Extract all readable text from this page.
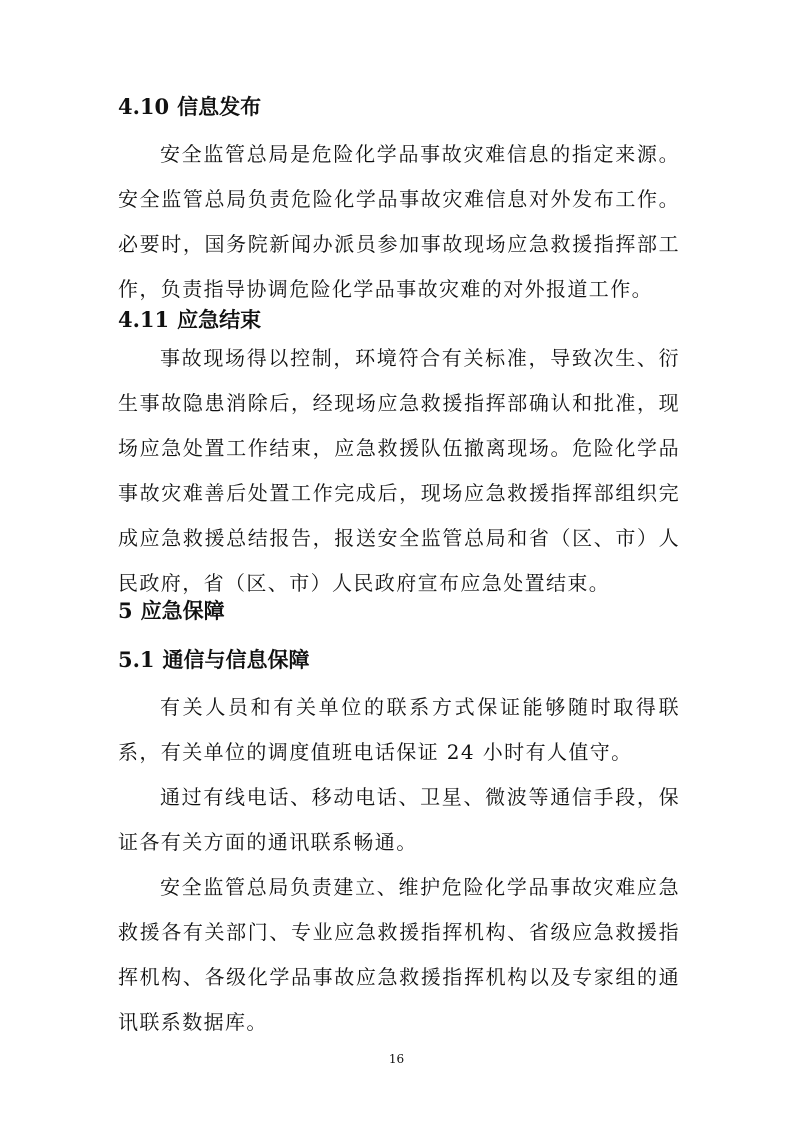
4.10 信息发布

安全监管总局是危险化学品事故灾难信息的指定来源。安全监管总局负责危险化学品事故灾难信息对外发布工作。必要时，国务院新闻办派员参加事故现场应急救援指挥部工作，负责指导协调危险化学品事故灾难的对外报道工作。

4.11 应急结束

事故现场得以控制，环境符合有关标准，导致次生、衍生事故隐患消除后，经现场应急救援指挥部确认和批准，现场应急处置工作结束，应急救援队伍撤离现场。危险化学品事故灾难善后处置工作完成后，现场应急救援指挥部组织完成应急救援总结报告，报送安全监管总局和省（区、市）人民政府，省（区、市）人民政府宣布应急处置结束。

5 应急保障
5.1 通信与信息保障

有关人员和有关单位的联系方式保证能够随时取得联系，有关单位的调度值班电话保证 24 小时有人值守。

通过有线电话、移动电话、卫星、微波等通信手段，保证各有关方面的通讯联系畅通。

安全监管总局负责建立、维护危险化学品事故灾难应急救援各有关部门、专业应急救援指挥机构、省级应急救援指挥机构、各级化学品事故应急救援指挥机构以及专家组的通讯联系数据库。

16
